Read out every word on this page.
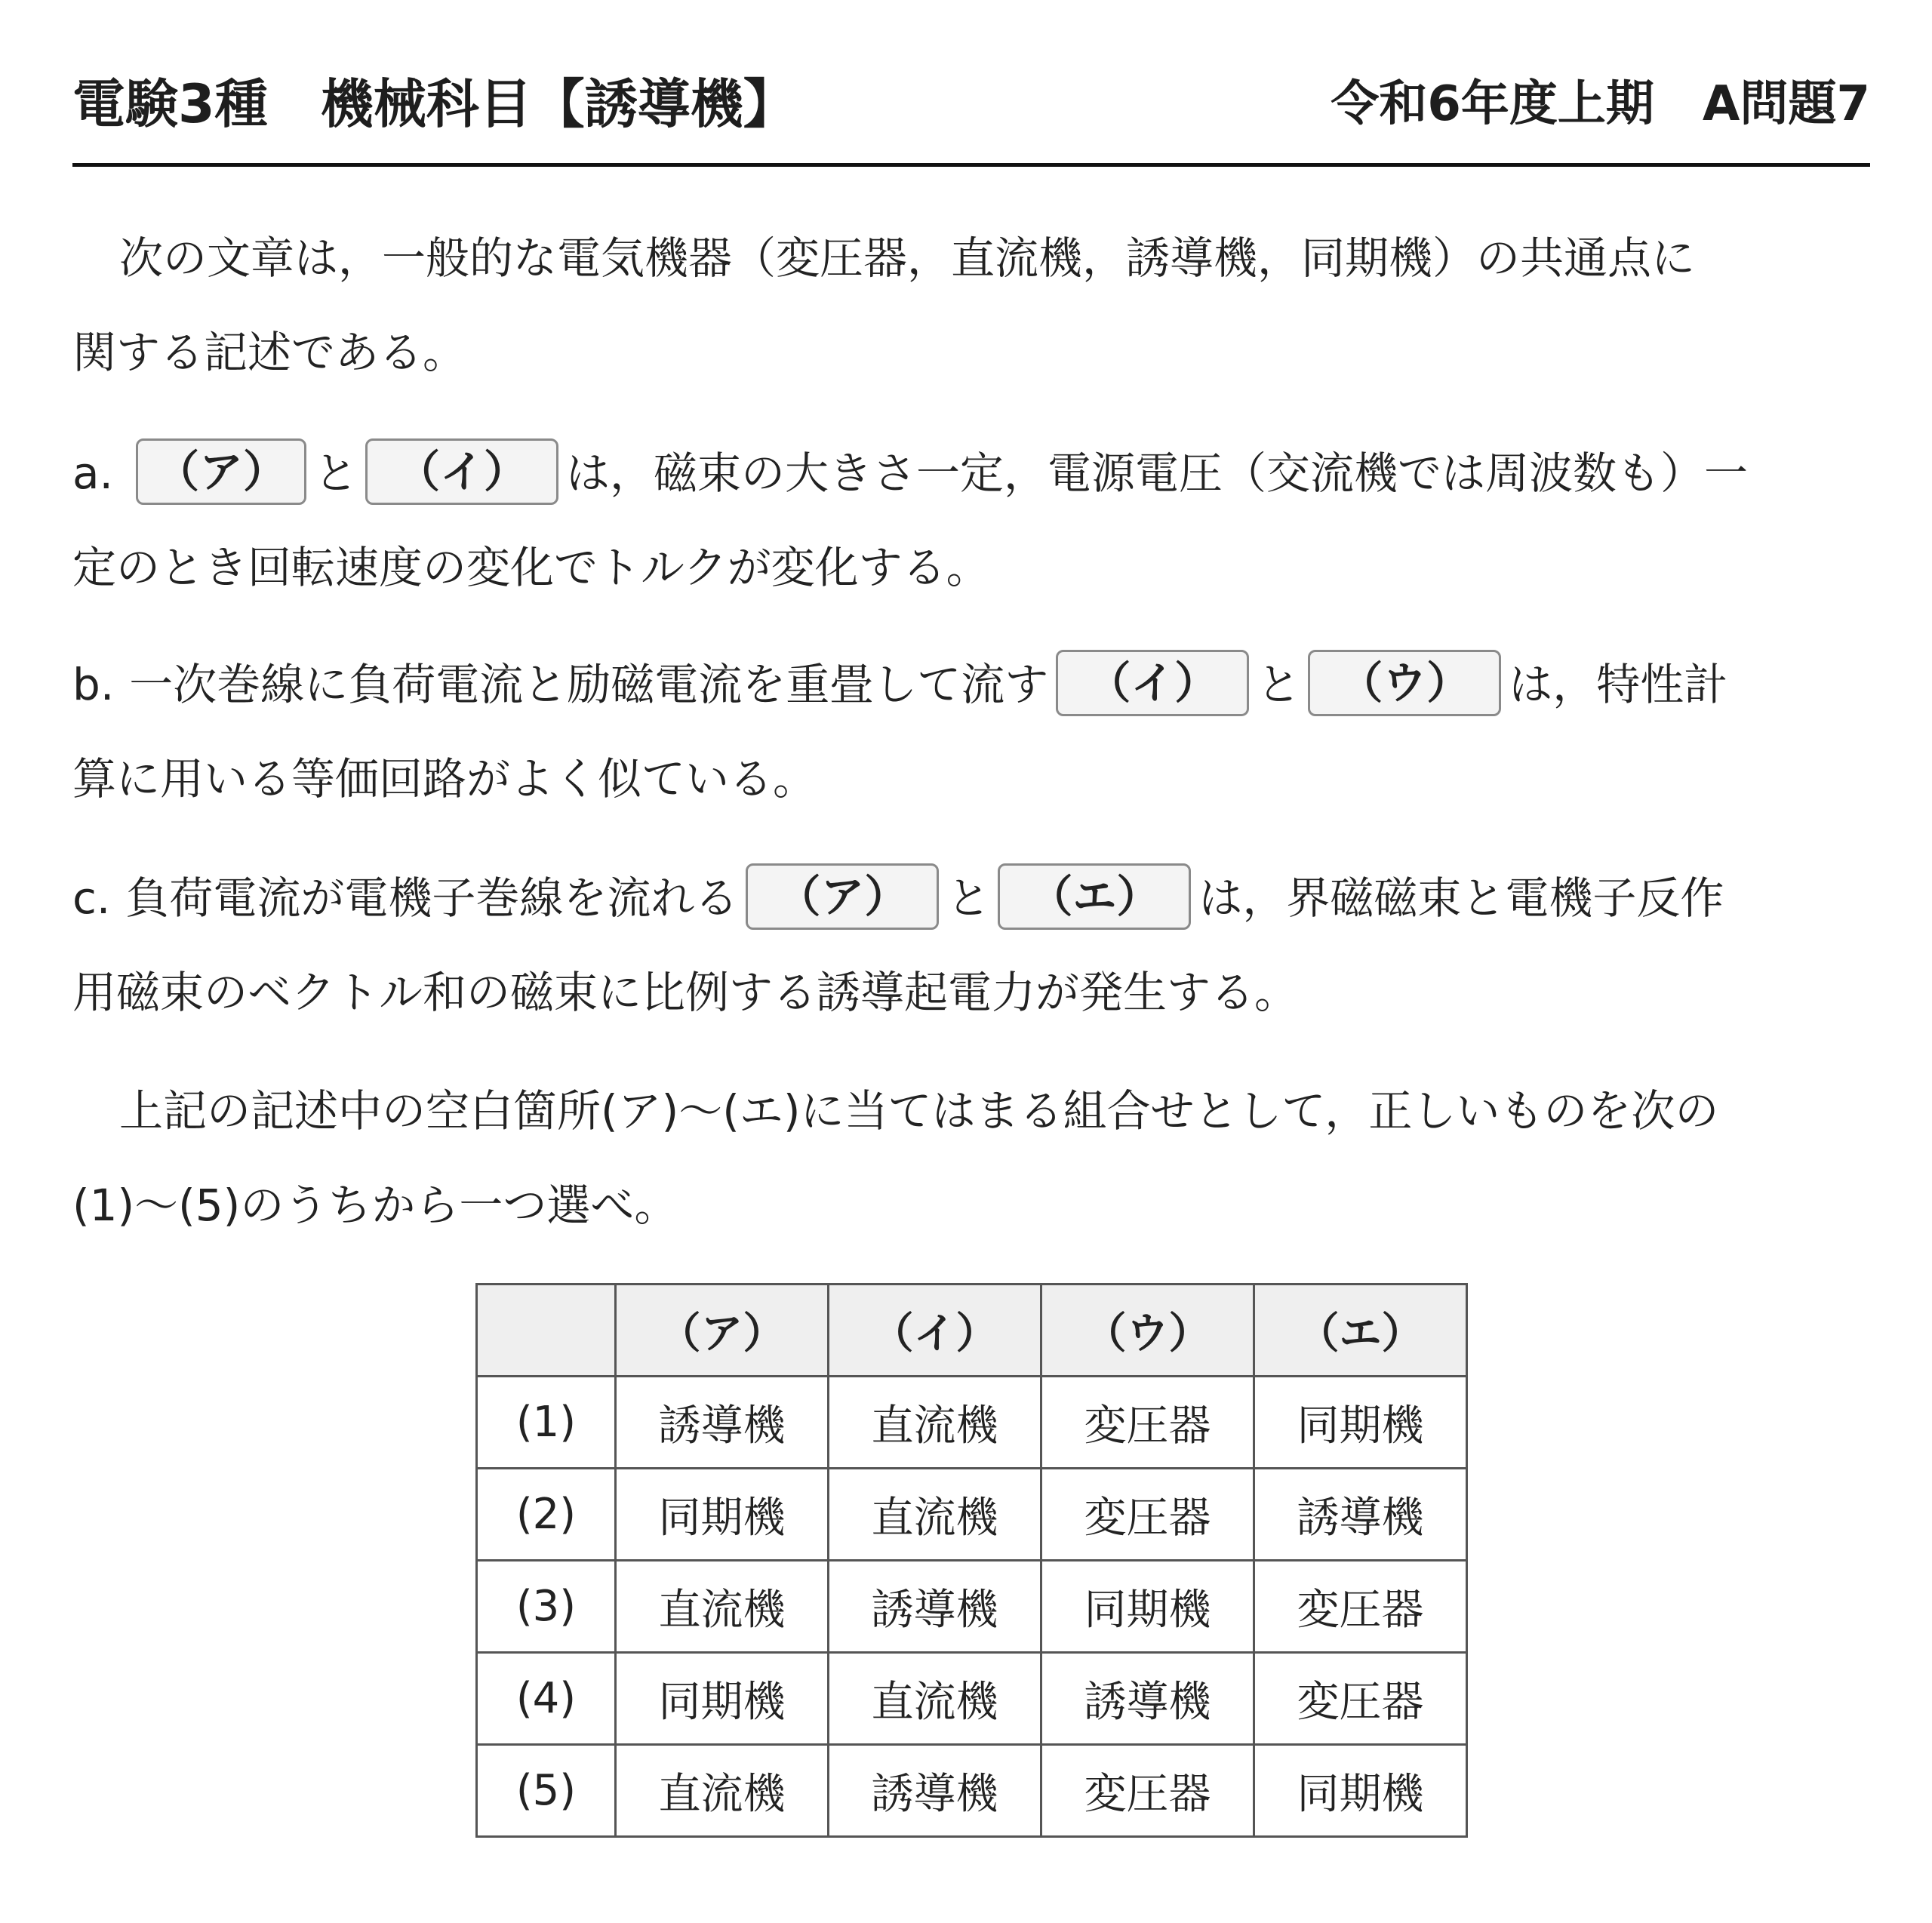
電験3種　機械科目【誘導機】	令和6年度上期　A問題7

次の文章は，一般的な電気機器（変圧器，直流機，誘導機，同期機）の共通点に
関する記述である。

a. （ア） と （イ） は，磁束の大きさ一定，電源電圧（交流機では周波数も）一
定のとき回転速度の変化でトルクが変化する。

b. 一次巻線に負荷電流と励磁電流を重畳して流す （イ） と （ウ） は，特性計
算に用いる等価回路がよく似ている。

c. 負荷電流が電機子巻線を流れる （ア） と （エ） は，界磁磁束と電機子反作
用磁束のベクトル和の磁束に比例する誘導起電力が発生する。

上記の記述中の空白箇所(ア)～(エ)に当てはまる組合せとして，正しいものを次の
(1)～(5)のうちから一つ選べ。

	（ア）	（イ）	（ウ）	（エ）
(1)	誘導機	直流機	変圧器	同期機
(2)	同期機	直流機	変圧器	誘導機
(3)	直流機	誘導機	同期機	変圧器
(4)	同期機	直流機	誘導機	変圧器
(5)	直流機	誘導機	変圧器	同期機
